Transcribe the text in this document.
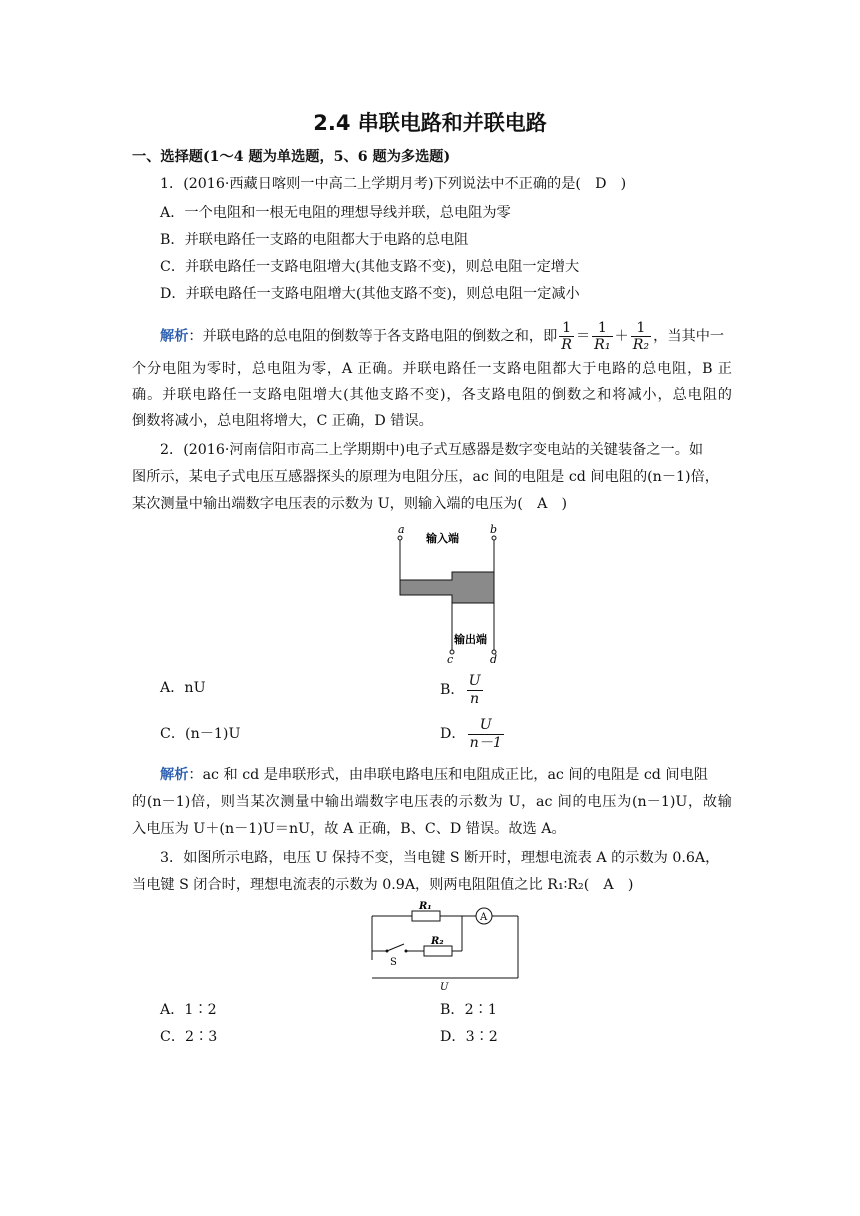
2.4 串联电路和并联电路
一、选择题(1～4 题为单选题，5、6 题为多选题)
1．(2016·西藏日喀则一中高二上学期月考)下列说法中不正确的是(　D　)
A．一个电阻和一根无电阻的理想导线并联，总电阻为零
B．并联电路任一支路的电阻都大于电路的总电阻
C．并联电路任一支路电阻增大(其他支路不变)，则总电阻一定增大
D．并联电路任一支路电阻增大(其他支路不变)，则总电阻一定减小
解析：并联电路的总电阻的倒数等于各支路电阻的倒数之和，即 $\frac{1}{R} = \frac{1}{\text{R₁}} + \frac{1}{\text{R₂}}$ ，当其中一
个分电阻为零时，总电阻为零，A 正确。并联电路任一支路电阻都大于电路的总电阻，B 正
确。并联电路任一支路电阻增大(其他支路不变)，各支路电阻的倒数之和将减小，总电阻的
倒数将减小，总电阻将增大，C 正确，D 错误。
2．(2016·河南信阳市高二上学期期中)电子式互感器是数字变电站的关键装备之一。如
图所示，某电子式电压互感器探头的原理为电阻分压，ac 间的电阻是 cd 间电阻的(n－1)倍，
某次测量中输出端数字电压表的示数为 U，则输入端的电压为(　A　)
a	b
输入端
输出端
c	d
A．nU	B． $\frac{U}{n}$
C．(n－1)U	D． $\frac{U}{n-1}$
解析：ac 和 cd 是串联形式，由串联电路电压和电阻成正比，ac 间的电阻是 cd 间电阻
的(n－1)倍，则当某次测量中输出端数字电压表的示数为 U，ac 间的电压为(n－1)U，故输
入电压为 U＋(n－1)U＝nU，故 A 正确，B、C、D 错误。故选 A。
3．如图所示电路，电压 U 保持不变，当电键 S 断开时，理想电流表 A 的示数为 0.6A，
当电键 S 闭合时，理想电流表的示数为 0.9A，则两电阻阻值之比 R₁∶R₂(　A　)
R₁
A
S
R₂
U
A．1∶2	B．2∶1
C．2∶3	D．3∶2
